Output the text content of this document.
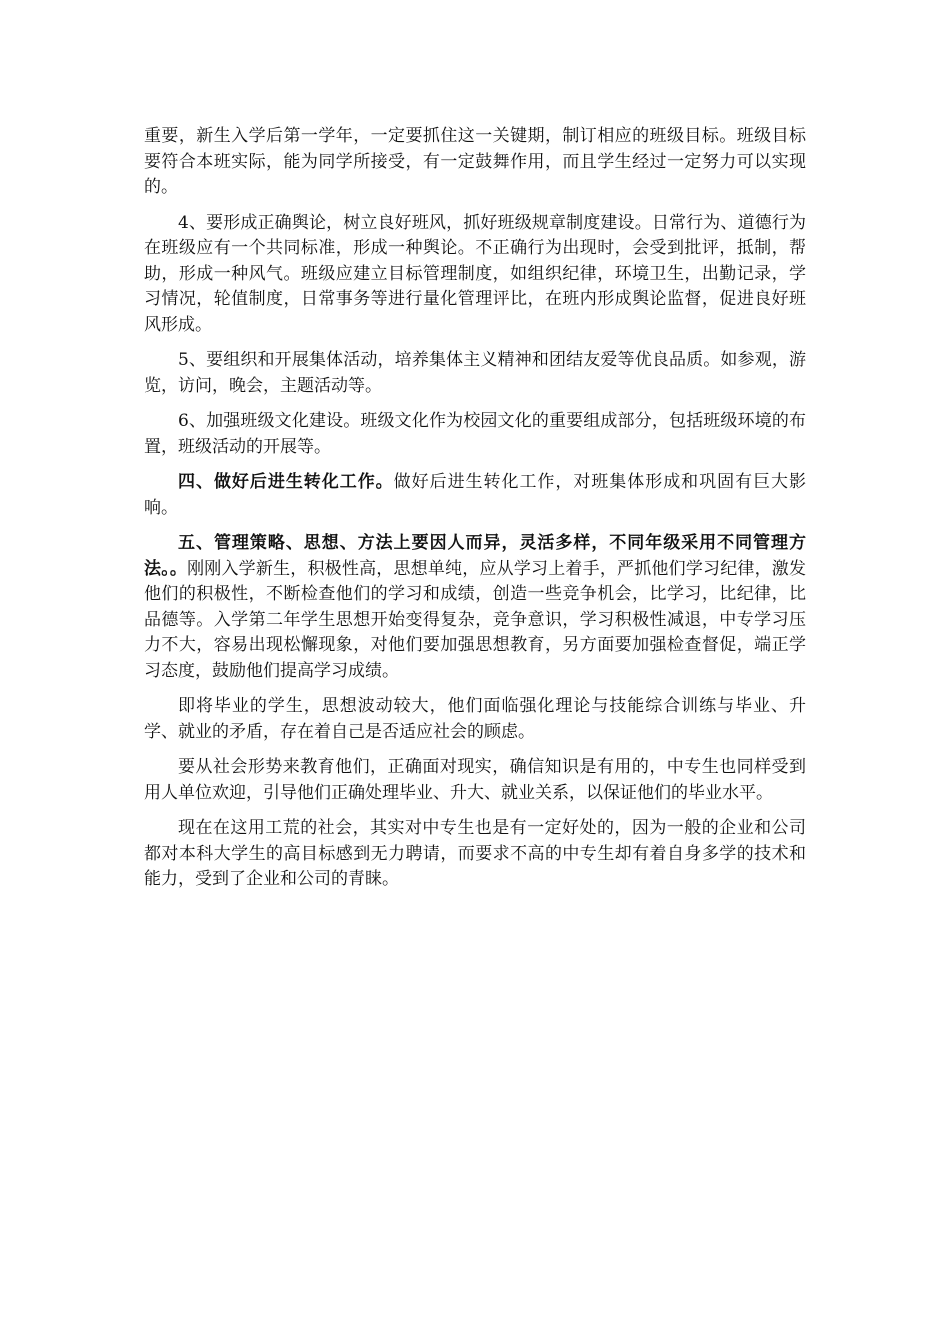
重要，新生入学后第一学年，一定要抓住这一关键期，制订相应的班级目标。班级目标要符合本班实际，能为同学所接受，有一定鼓舞作用，而且学生经过一定努力可以实现的。

4、要形成正确舆论，树立良好班风，抓好班级规章制度建设。日常行为、道德行为在班级应有一个共同标准，形成一种舆论。不正确行为出现时，会受到批评，抵制，帮助，形成一种风气。班级应建立目标管理制度，如组织纪律，环境卫生，出勤记录，学习情况，轮值制度，日常事务等进行量化管理评比，在班内形成舆论监督，促进良好班风形成。

5、要组织和开展集体活动，培养集体主义精神和团结友爱等优良品质。如参观，游览，访问，晚会，主题活动等。

6、加强班级文化建设。班级文化作为校园文化的重要组成部分，包括班级环境的布置，班级活动的开展等。

四、做好后进生转化工作。做好后进生转化工作，对班集体形成和巩固有巨大影响。

五、管理策略、思想、方法上要因人而异，灵活多样，不同年级采用不同管理方法。。刚刚入学新生，积极性高，思想单纯，应从学习上着手，严抓他们学习纪律，激发他们的积极性，不断检查他们的学习和成绩，创造一些竞争机会，比学习，比纪律，比品德等。入学第二年学生思想开始变得复杂，竞争意识，学习积极性减退，中专学习压力不大，容易出现松懈现象，对他们要加强思想教育，另方面要加强检查督促，端正学习态度，鼓励他们提高学习成绩。

即将毕业的学生，思想波动较大，他们面临强化理论与技能综合训练与毕业、升学、就业的矛盾，存在着自己是否适应社会的顾虑。

要从社会形势来教育他们，正确面对现实，确信知识是有用的，中专生也同样受到用人单位欢迎，引导他们正确处理毕业、升大、就业关系，以保证他们的毕业水平。

现在在这用工荒的社会，其实对中专生也是有一定好处的，因为一般的企业和公司都对本科大学生的高目标感到无力聘请，而要求不高的中专生却有着自身多学的技术和能力，受到了企业和公司的青睐。
